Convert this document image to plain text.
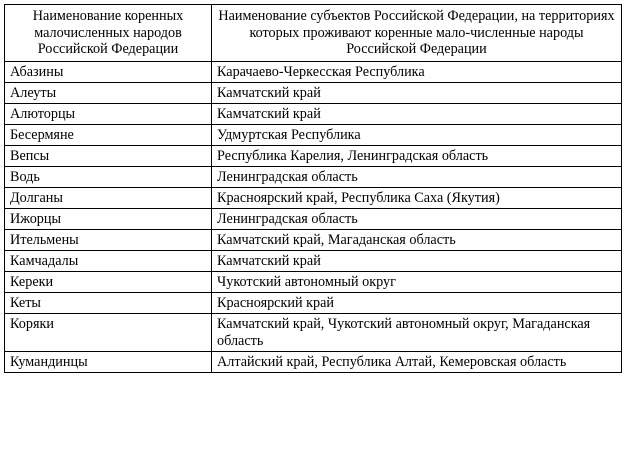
Наименование коренных малочисленных народов Российской Федерации	Наименование субъектов Российской Федерации, на территориях которых проживают коренные мало-численные народы Российской Федерации
Абазины	Карачаево-Черкесская Республика
Алеуты	Камчатский край
Алюторцы	Камчатский край
Бесермяне	Удмуртская Республика
Вепсы	Республика Карелия, Ленинградская область
Водь	Ленинградская область
Долганы	Красноярский край, Республика Саха (Якутия)
Ижорцы	Ленинградская область
Ительмены	Камчатский край, Магаданская область
Камчадалы	Камчатский край
Кереки	Чукотский автономный округ
Кеты	Красноярский край
Коряки	Камчатский край, Чукотский автономный округ, Магаданская область
Кумандинцы	Алтайский край, Республика Алтай, Кемеровская область
